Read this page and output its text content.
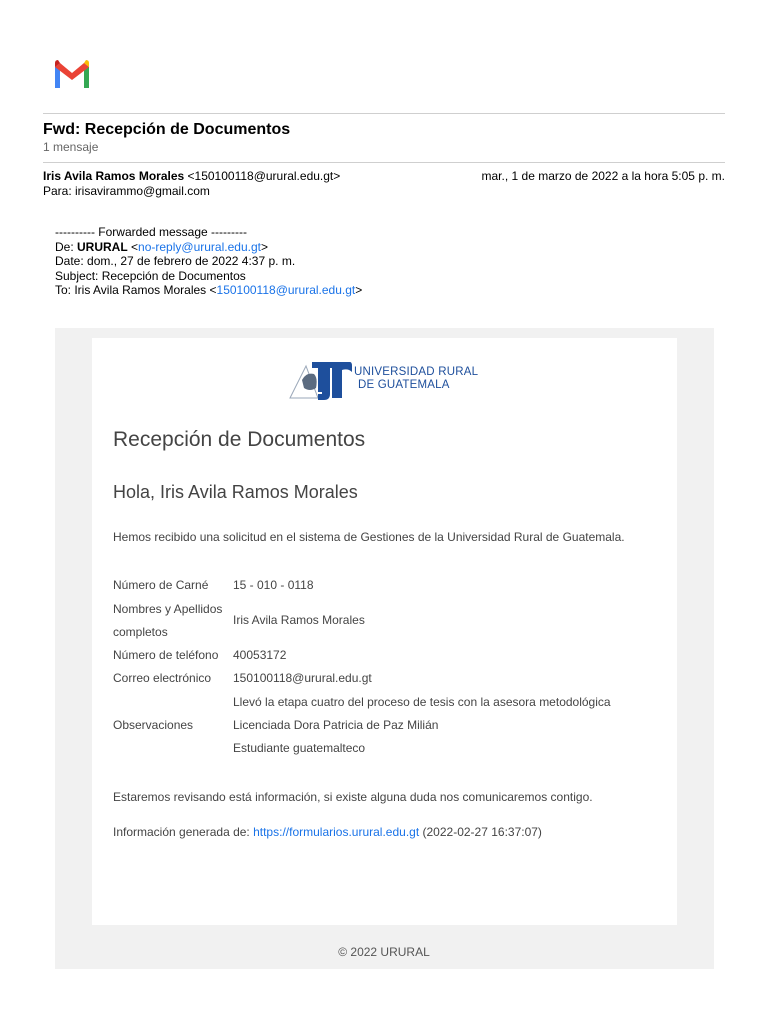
Fwd: Recepción de Documentos
1 mensaje
Iris Avila Ramos Morales <150100118@urural.edu.gt>
Para: irisavirammo@gmail.com
mar., 1 de marzo de 2022 a la hora 5:05 p. m.
---------- Forwarded message ---------
De: URURAL <no-reply@urural.edu.gt>
Date: dom., 27 de febrero de 2022 4:37 p. m.
Subject: Recepción de Documentos
To: Iris Avila Ramos Morales <150100118@urural.edu.gt>
UNIVERSIDAD RURAL
DE GUATEMALA
Recepción de Documentos
Hola, Iris Avila Ramos Morales
Hemos recibido una solicitud en el sistema de Gestiones de la Universidad Rural de Guatemala.
Número de Carné 15 - 010 - 0118
Nombres y Apellidos
completos
Iris Avila Ramos Morales
Número de teléfono 40053172
Correo electrónico 150100118@urural.edu.gt
Observaciones
Llevó la etapa cuatro del proceso de tesis con la asesora metodológica
Licenciada Dora Patricia de Paz Milián
Estudiante guatemalteco
Estaremos revisando está información, si existe alguna duda nos comunicaremos contigo.
Información generada de: https://formularios.urural.edu.gt (2022-02-27 16:37:07)
© 2022 URURAL
